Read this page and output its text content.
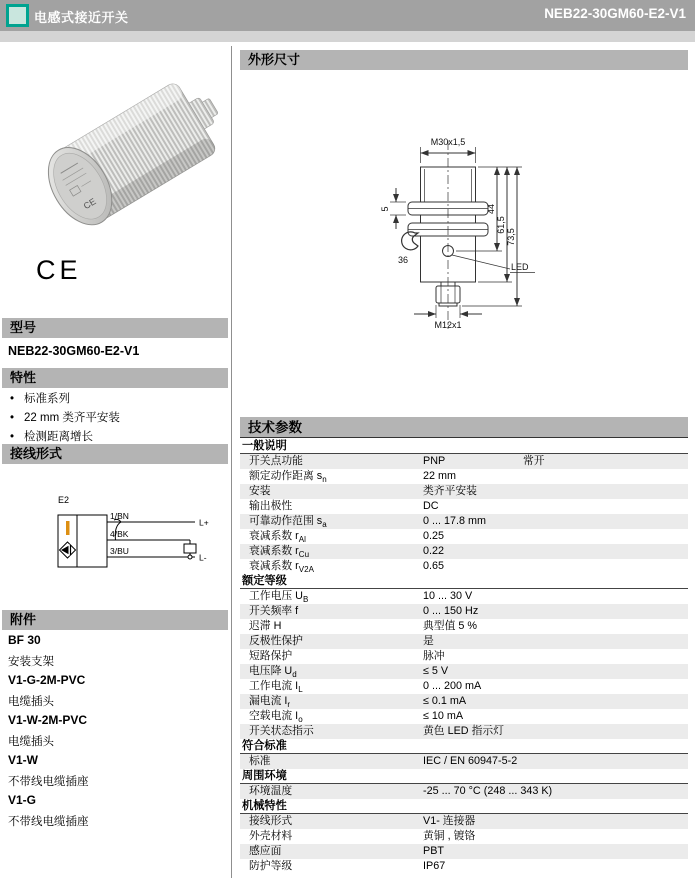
电感式接近开关	NEB22-30GM60-E2-V1
CE
CE
型号
NEB22-30GM60-E2-V1
特性
• 标准系列
• 22 mm 类齐平安装
• 检测距离增长
接线形式
E2
1/BN
4/BK
3/BU
L+
L-
附件
BF 30
安装支架
V1-G-2M-PVC
电缆插头
V1-W-2M-PVC
电缆插头
V1-W
不带线电缆插座
V1-G
不带线电缆插座
外形尺寸
M30x1,5
5
36
44
61,5
73,5
LED
M12x1
技术参数
一般说明
开关点功能	PNP	常开
额定动作距离 $s_n$	22 mm
安装	类齐平安装
输出极性	DC
可靠动作范围 $s_a$	0 ... 17.8 mm
衰减系数 $r_{Al}$	0.25
衰减系数 $r_{Cu}$	0.22
衰减系数 $r_{V2A}$	0.65
额定等级
工作电压 $U_B$	10 ... 30 V
开关频率 f	0 ... 150 Hz
迟滞 H	典型值 5 %
反极性保护	是
短路保护	脉冲
电压降 $U_d$	≤ 5 V
工作电流 $I_L$	0 ... 200 mA
漏电流 $I_r$	≤ 0.1 mA
空载电流 $I_o$	≤ 10 mA
开关状态指示	黄色 LED 指示灯
符合标准
标准	IEC / EN 60947-5-2
周围环境
环境温度	-25 ... 70 °C (248 ... 343 K)
机械特性
接线形式	V1- 连接器
外壳材料	黄铜 , 镀铬
感应面	PBT
防护等级	IP67
